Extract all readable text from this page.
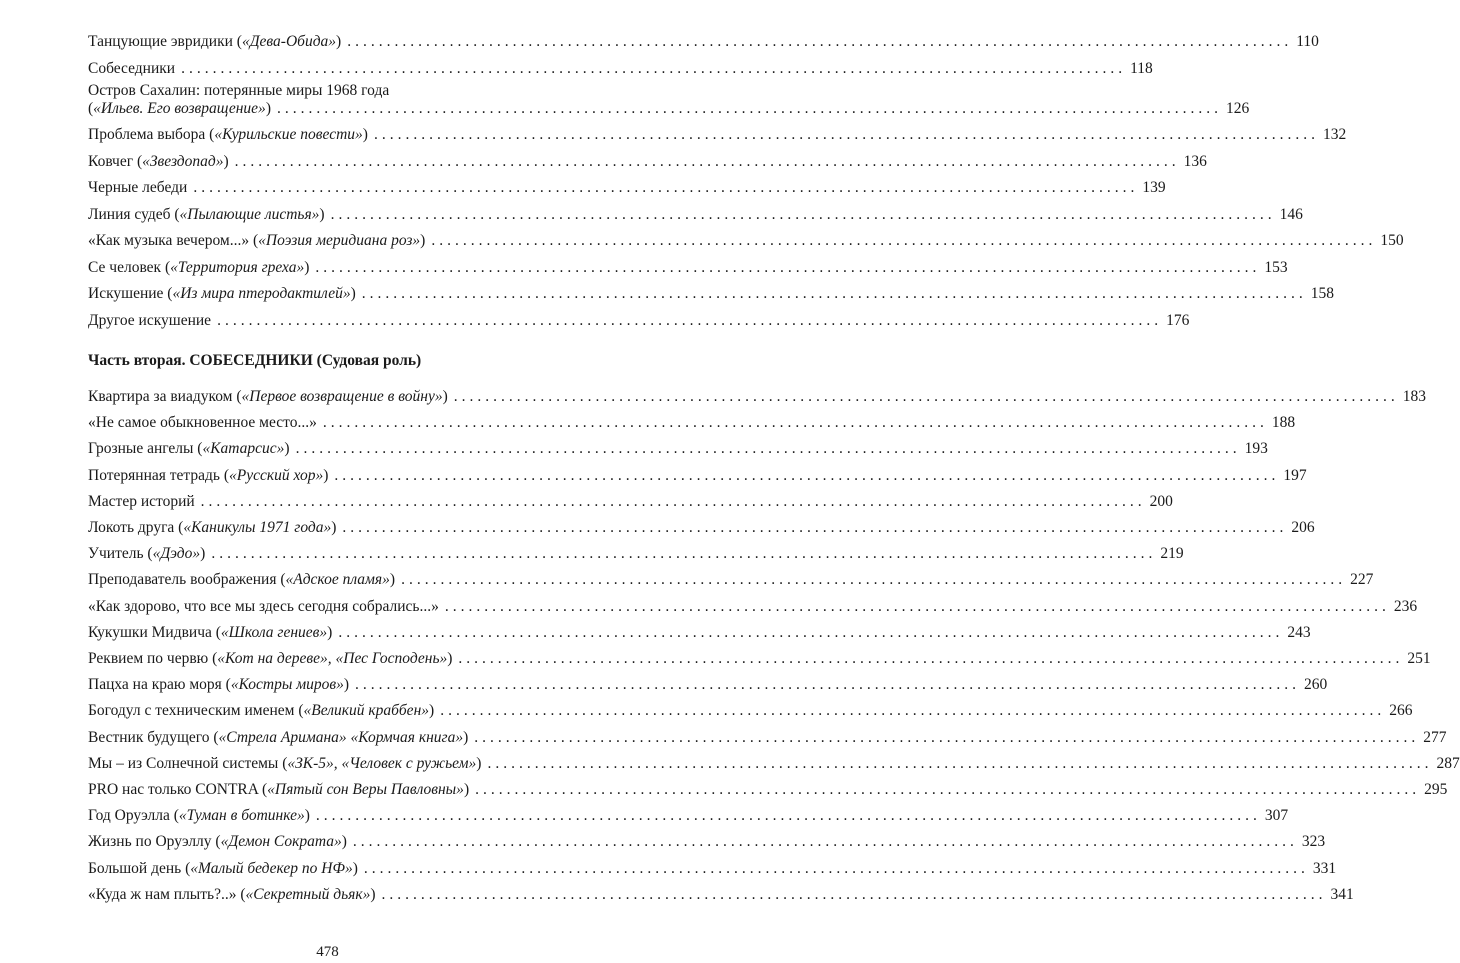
Танцующие эвридики («Дева-Обида») ........................................................................................................................ 110
Собеседники ........................................................................................................................ 118
Остров Сахалин: потерянные миры 1968 года
(«Ильев. Его возвращение») ........................................................................................................................ 126
Проблема выбора («Курильские повести») ........................................................................................................................ 132
Ковчег («Звездопад») ........................................................................................................................ 136
Черные лебеди ........................................................................................................................ 139
Линия судеб («Пылающие листья») ........................................................................................................................ 146
«Как музыка вечером...» («Поэзия меридиана роз») ........................................................................................................................ 150
Се человек («Территория греха») ........................................................................................................................ 153
Искушение («Из мира птеродактилей») ........................................................................................................................ 158
Другое искушение ........................................................................................................................ 176
Часть вторая. СОБЕСЕДНИКИ (Судовая роль)
Квартира за виадуком («Первое возвращение в войну») ........................................................................................................................ 183
«Не самое обыкновенное место...» ........................................................................................................................ 188
Грозные ангелы («Катарсис») ........................................................................................................................ 193
Потерянная тетрадь («Русский хор») ........................................................................................................................ 197
Мастер историй ........................................................................................................................ 200
Локоть друга («Каникулы 1971 года») ........................................................................................................................ 206
Учитель («Дэдо») ........................................................................................................................ 219
Преподаватель воображения («Адское пламя») ........................................................................................................................ 227
«Как здорово, что все мы здесь сегодня собрались...» ........................................................................................................................ 236
Кукушки Мидвича («Школа гениев») ........................................................................................................................ 243
Реквием по червю («Кот на дереве», «Пес Господень») ........................................................................................................................ 251
Пацха на краю моря («Костры миров») ........................................................................................................................ 260
Богодул с техническим именем («Великий краббен») ........................................................................................................................ 266
Вестник будущего («Стрела Аримана» «Кормчая книга») ........................................................................................................................ 277
Мы – из Солнечной системы («ЗК-5», «Человек с ружьем») ........................................................................................................................ 287
PRO нас только CONTRA («Пятый сон Веры Павловны») ........................................................................................................................ 295
Год Оруэлла («Туман в ботинке») ........................................................................................................................ 307
Жизнь по Оруэллу («Демон Сократа») ........................................................................................................................ 323
Большой день («Малый бедекер по НФ») ........................................................................................................................ 331
«Куда ж нам плыть?..» («Секретный дьяк») ........................................................................................................................ 341
478
